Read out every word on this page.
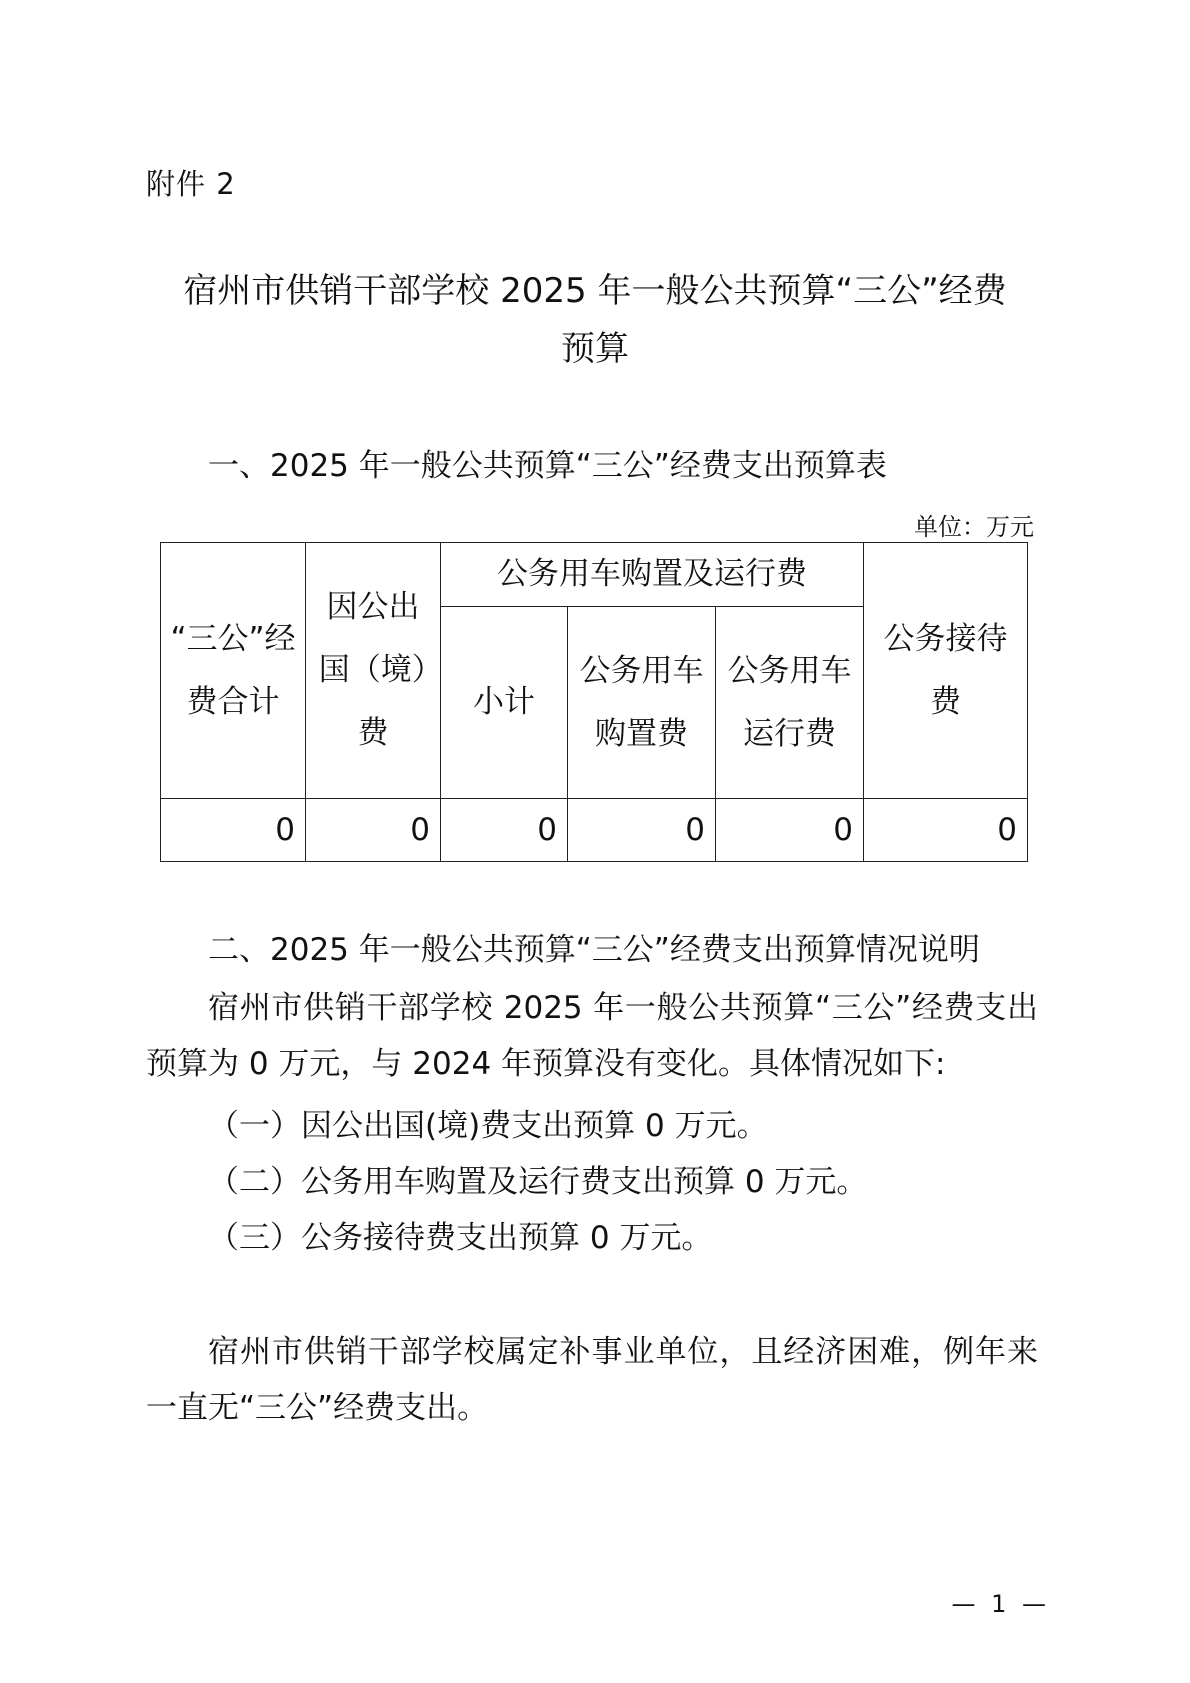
附件 2
宿州市供销干部学校 2025 年一般公共预算“三公”经费
预算
一、2025 年一般公共预算“三公”经费支出预算表
单位：万元
“三公”经费合计	因公出国（境）费	公务用车购置及运行费			公务接待费
		小计	公务用车购置费	公务用车运行费	
0	0	0	0	0	0
二、2025 年一般公共预算“三公”经费支出预算情况说明
宿州市供销干部学校 2025 年一般公共预算“三公”经费支出预算为 0 万元，与 2024 年预算没有变化。具体情况如下:
（一）因公出国(境)费支出预算 0 万元。
（二）公务用车购置及运行费支出预算 0 万元。
（三）公务接待费支出预算 0 万元。
宿州市供销干部学校属定补事业单位，且经济困难，例年来一直无“三公”经费支出。
— 1 —
